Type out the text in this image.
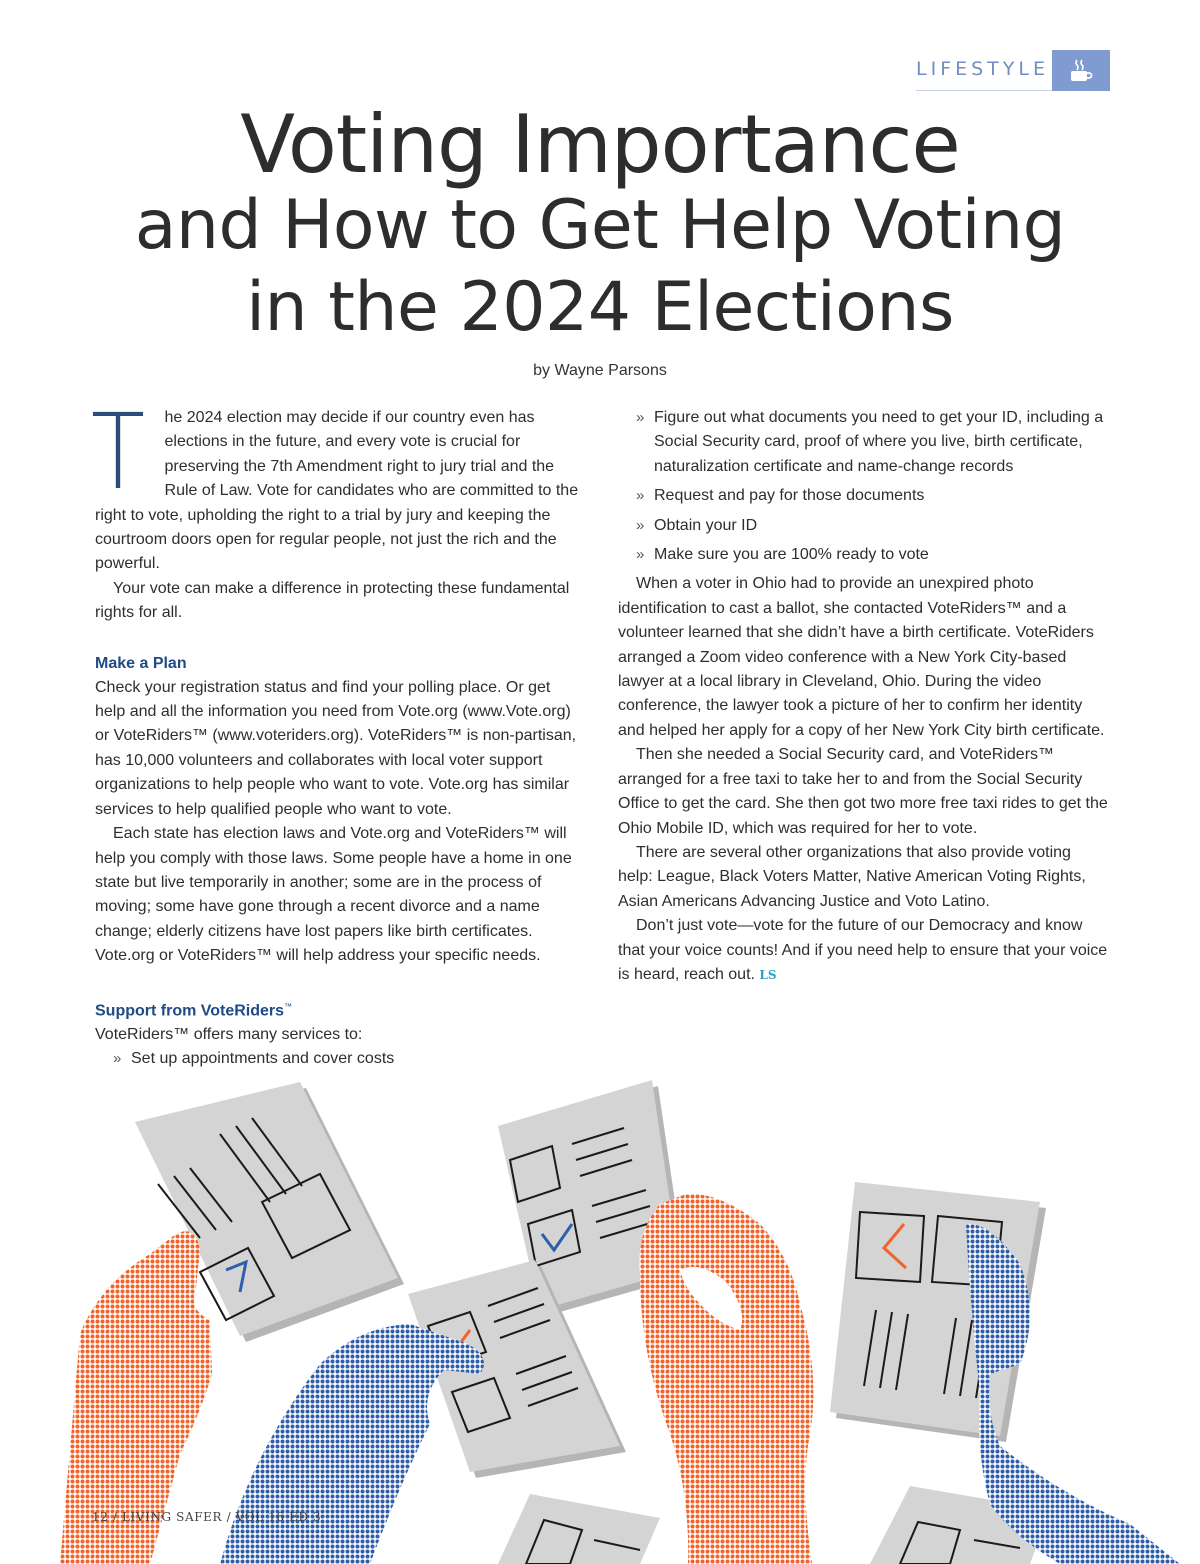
LIFESTYLE
Voting Importance
and How to Get Help Voting
in the 2024 Elections
by Wayne Parsons

T he 2024 election may decide if our country even has elections in the future, and every vote is crucial for preserving the 7th Amendment right to jury trial and the Rule of Law. Vote for candidates who are committed to the right to vote, upholding the right to a trial by jury and keeping the courtroom doors open for regular people, not just the rich and the powerful.

Your vote can make a difference in protecting these fundamental rights for all.

Make a Plan

Check your registration status and find your polling place. Or get help and all the information you need from Vote.org (www.Vote.org) or VoteRiders™ (www.voteriders.org). VoteRiders™ is non-partisan, has 10,000 volunteers and collaborates with local voter support organizations to help people who want to vote. Vote.org has similar services to help qualified people who want to vote.

Each state has election laws and Vote.org and VoteRiders™ will help you comply with those laws. Some people have a home in one state but live temporarily in another; some are in the process of moving; some have gone through a recent divorce and a name change; elderly citizens have lost papers like birth certificates. Vote.org or VoteRiders™ will help address your specific needs.

Support from VoteRiders™

VoteRiders™ offers many services to:

» Set up appointments and cover costs
» Figure out what documents you need to get your ID, including a Social Security card, proof of where you live, birth certificate, naturalization certificate and name-change records
» Request and pay for those documents
» Obtain your ID
» Make sure you are 100% ready to vote

When a voter in Ohio had to provide an unexpired photo identification to cast a ballot, she contacted VoteRiders™ and a volunteer learned that she didn’t have a birth certificate. VoteRiders arranged a Zoom video conference with a New York City-based lawyer at a local library in Cleveland, Ohio. During the video conference, the lawyer took a picture of her to confirm her identity and helped her apply for a copy of her New York City birth certificate.

Then she needed a Social Security card, and VoteRiders™ arranged for a free taxi to take her to and from the Social Security Office to get the card. She then got two more free taxi rides to get the Ohio Mobile ID, which was required for her to vote.

There are several other organizations that also provide voting help: League, Black Voters Matter, Native American Voting Rights, Asian Americans Advancing Justice and Voto Latino.

Don’t just vote—vote for the future of our Democracy and know that your voice counts! And if you need help to ensure that your voice is heard, reach out. LS

12 / LIVING SAFER / VOL 16 ED 3
